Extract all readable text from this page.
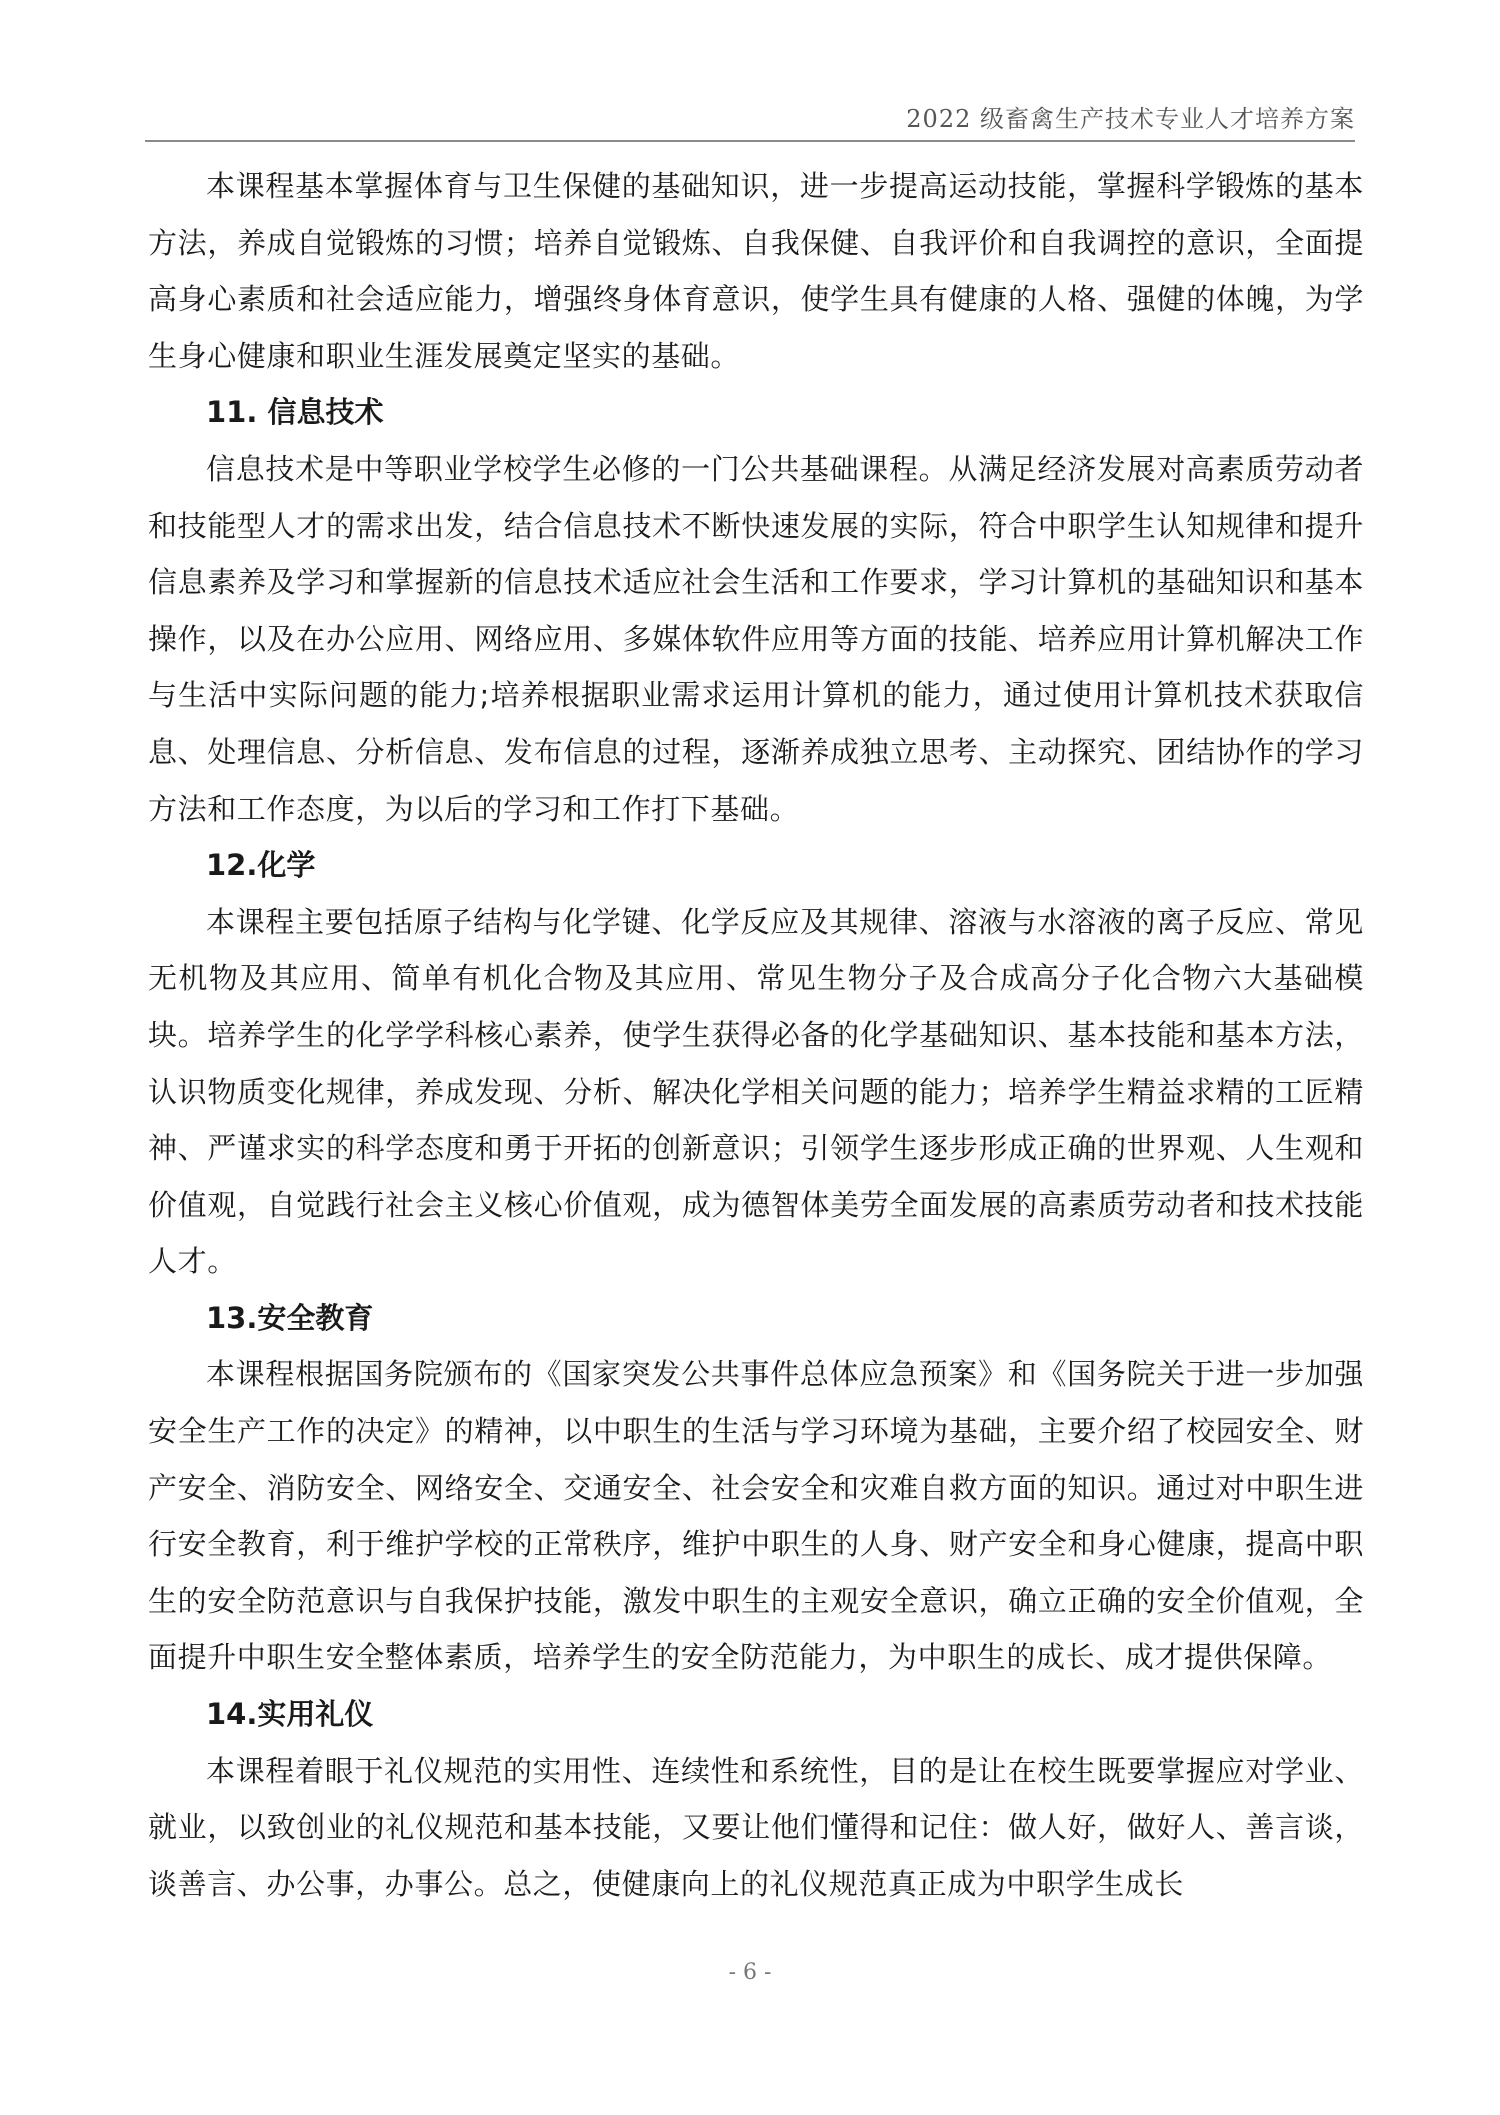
2022 级畜禽生产技术专业人才培养方案

本课程基本掌握体育与卫生保健的基础知识，进一步提高运动技能，掌握科学锻炼的基本方法，养成自觉锻炼的习惯；培养自觉锻炼、自我保健、自我评价和自我调控的意识，全面提高身心素质和社会适应能力，增强终身体育意识，使学生具有健康的人格、强健的体魄，为学生身心健康和职业生涯发展奠定坚实的基础。

11. 信息技术

信息技术是中等职业学校学生必修的一门公共基础课程。从满足经济发展对高素质劳动者和技能型人才的需求出发，结合信息技术不断快速发展的实际，符合中职学生认知规律和提升信息素养及学习和掌握新的信息技术适应社会生活和工作要求，学习计算机的基础知识和基本操作，以及在办公应用、网络应用、多媒体软件应用等方面的技能、培养应用计算机解决工作与生活中实际问题的能力;培养根据职业需求运用计算机的能力，通过使用计算机技术获取信息、处理信息、分析信息、发布信息的过程，逐渐养成独立思考、主动探究、团结协作的学习方法和工作态度，为以后的学习和工作打下基础。

12.化学

本课程主要包括原子结构与化学键、化学反应及其规律、溶液与水溶液的离子反应、常见无机物及其应用、简单有机化合物及其应用、常见生物分子及合成高分子化合物六大基础模块。培养学生的化学学科核心素养，使学生获得必备的化学基础知识、基本技能和基本方法，认识物质变化规律，养成发现、分析、解决化学相关问题的能力；培养学生精益求精的工匠精神、严谨求实的科学态度和勇于开拓的创新意识；引领学生逐步形成正确的世界观、人生观和价值观，自觉践行社会主义核心价值观，成为德智体美劳全面发展的高素质劳动者和技术技能人才。

13.安全教育

本课程根据国务院颁布的《国家突发公共事件总体应急预案》和《国务院关于进一步加强安全生产工作的决定》的精神，以中职生的生活与学习环境为基础，主要介绍了校园安全、财产安全、消防安全、网络安全、交通安全、社会安全和灾难自救方面的知识。通过对中职生进行安全教育，利于维护学校的正常秩序，维护中职生的人身、财产安全和身心健康，提高中职生的安全防范意识与自我保护技能，激发中职生的主观安全意识，确立正确的安全价值观，全面提升中职生安全整体素质，培养学生的安全防范能力，为中职生的成长、成才提供保障。

14.实用礼仪

本课程着眼于礼仪规范的实用性、连续性和系统性，目的是让在校生既要掌握应对学业、就业，以致创业的礼仪规范和基本技能，又要让他们懂得和记住：做人好，做好人、善言谈，谈善言、办公事，办事公。总之，使健康向上的礼仪规范真正成为中职学生成长

- 6 -
